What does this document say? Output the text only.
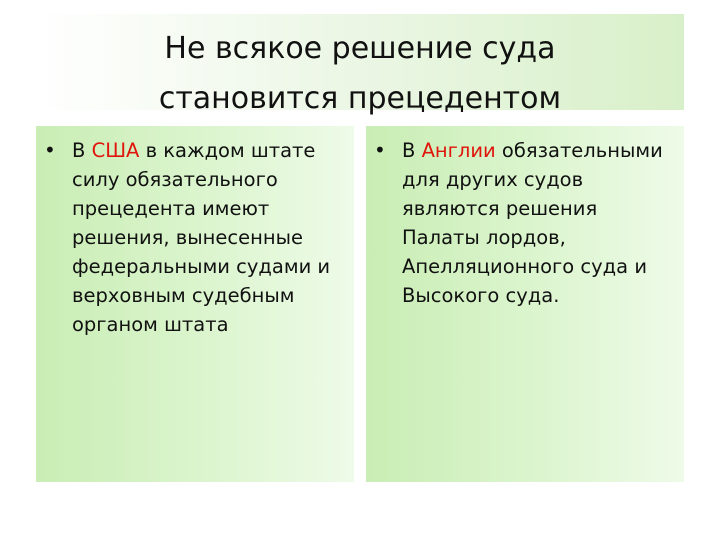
Не всякое решение суда
становится прецедентом

• В США в каждом штате силу обязательного прецедента имеют решения, вынесенные федеральными судами и верховным судебным органом штата

• В Англии обязательными для других судов являются решения Палаты лордов, Апелляционного суда и Высокого суда.
